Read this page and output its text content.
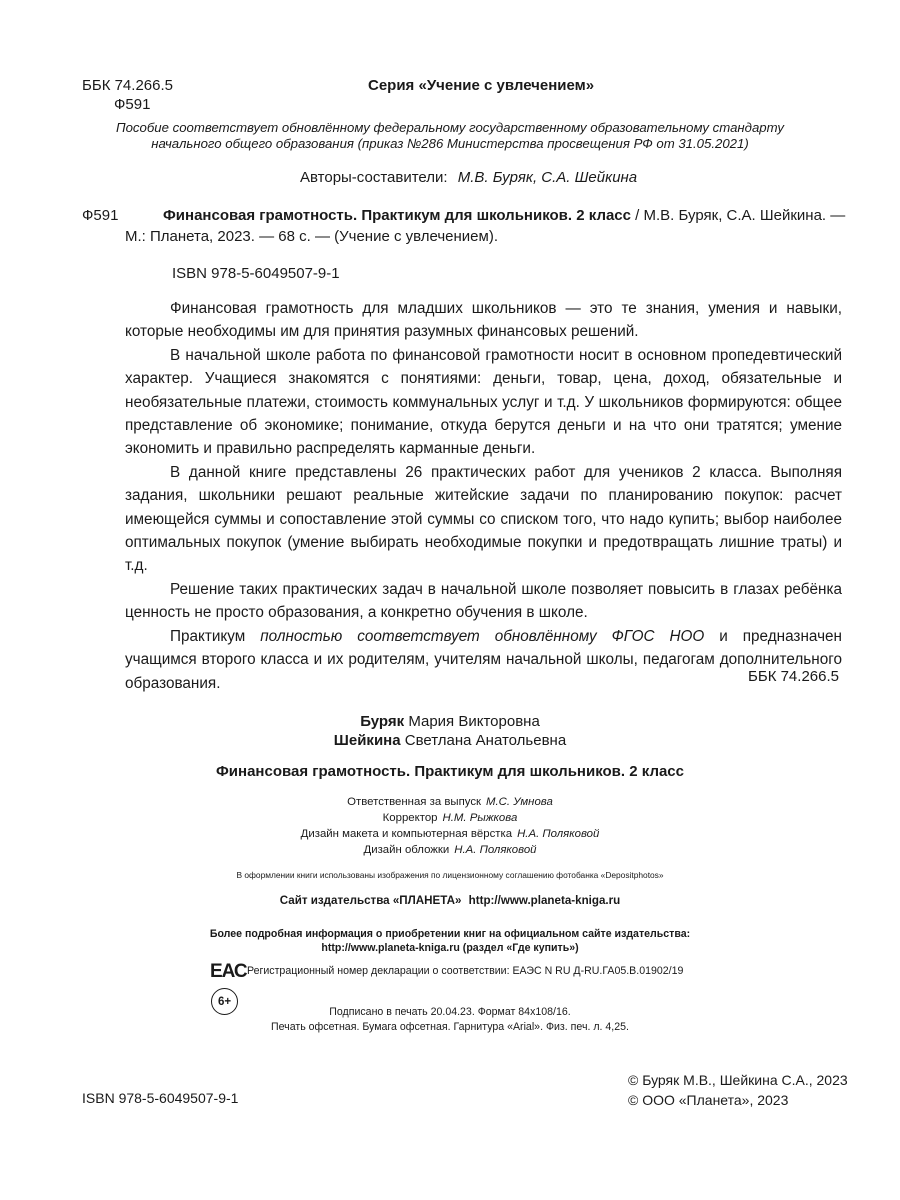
ББК 74.266.5
Ф591
Серия «Учение с увлечением»
Пособие соответствует обновлённому федеральному государственному образовательному стандарту
начального общего образования (приказ №286 Министерства просвещения РФ от 31.05.2021)
Авторы-составители: М.В. Буряк, С.А. Шейкина
Ф591	Финансовая грамотность. Практикум для школьников. 2 класс / М.В. Буряк, С.А. Шейкина. —
М.: Планета, 2023. — 68 с. — (Учение с увлечением).
ISBN 978-5-6049507-9-1

Финансовая грамотность для младших школьников — это те знания, умения и навыки, которые необходимы им для принятия разумных финансовых решений.

В начальной школе работа по финансовой грамотности носит в основном пропедевтический характер. Учащиеся знакомятся с понятиями: деньги, товар, цена, доход, обязательные и необязательные платежи, стоимость коммунальных услуг и т.д. У школьников формируются: общее представление об экономике; понимание, откуда берутся деньги и на что они тратятся; умение экономить и правильно распределять карманные деньги.

В данной книге представлены 26 практических работ для учеников 2 класса. Выполняя задания, школьники решают реальные житейские задачи по планированию покупок: расчет имеющейся суммы и сопоставление этой суммы со списком того, что надо купить; выбор наиболее оптимальных покупок (умение выбирать необходимые покупки и предотвращать лишние траты) и т.д.

Решение таких практических задач в начальной школе позволяет повысить в глазах ребёнка ценность не просто образования, а конкретно обучения в школе.

Практикум полностью соответствует обновлённому ФГОС НОО и предназначен учащимся второго класса и их родителям, учителям начальной школы, педагогам дополнительного образования.	ББК 74.266.5
Буряк Мария Викторовна
Шейкина Светлана Анатольевна
Финансовая грамотность. Практикум для школьников. 2 класс
Ответственная за выпуск М.С. Умнова
Корректор Н.М. Рыжкова
Дизайн макета и компьютерная вёрстка Н.А. Поляковой
Дизайн обложки Н.А. Поляковой
В оформлении книги использованы изображения по лицензионному соглашению фотобанка «Depositphotos»
Сайт издательства «ПЛАНЕТА» http://www.planeta-kniga.ru
Более подробная информация о приобретении книг на официальном сайте издательства:
http://www.planeta-kniga.ru (раздел «Где купить»)
ЕАС Регистрационный номер декларации о соответствии: ЕАЭС N RU Д-RU.ГА05.В.01902/19
6+
Подписано в печать 20.04.23. Формат 84х108/16.
Печать офсетная. Бумага офсетная. Гарнитура «Arial». Физ. печ. л. 4,25.
ISBN 978-5-6049507-9-1
© Буряк М.В., Шейкина С.А., 2023
© ООО «Планета», 2023
